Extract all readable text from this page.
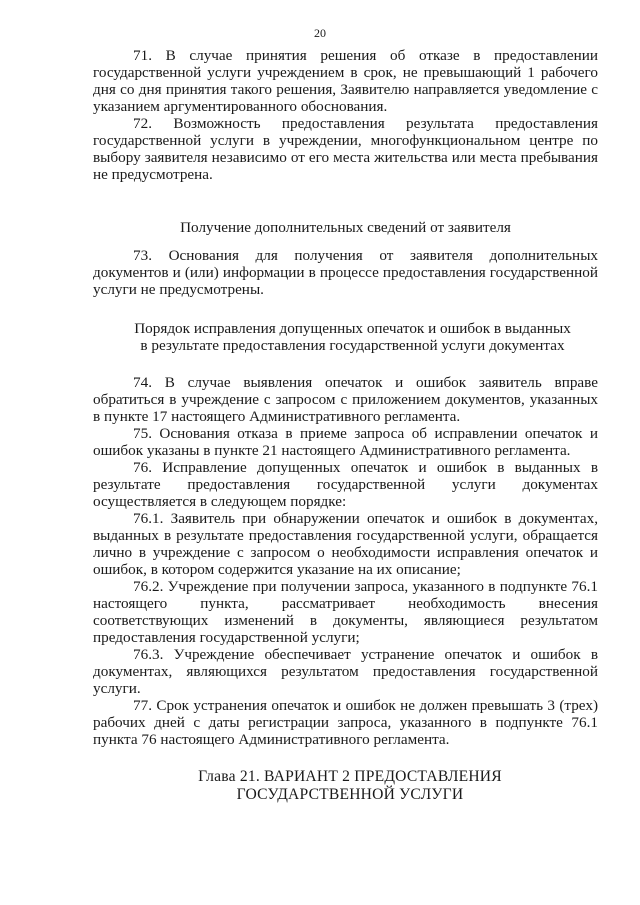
20

71. В случае принятия решения об отказе в предоставлении государственной услуги учреждением в срок, не превышающий 1 рабочего дня со дня принятия такого решения, Заявителю направляется уведомление с указанием аргументированного обоснования.

72. Возможность предоставления результата предоставления государственной услуги в учреждении, многофункциональном центре по выбору заявителя независимо от его места жительства или места пребывания не предусмотрена.

Получение дополнительных сведений от заявителя

73. Основания для получения от заявителя дополнительных документов и (или) информации в процессе предоставления государственной услуги не предусмотрены.

Порядок исправления допущенных опечаток и ошибок в выданных в результате предоставления государственной услуги документах

74. В случае выявления опечаток и ошибок заявитель вправе обратиться в учреждение с запросом с приложением документов, указанных в пункте 17 настоящего Административного регламента.

75. Основания отказа в приеме запроса об исправлении опечаток и ошибок указаны в пункте 21 настоящего Административного регламента.

76. Исправление допущенных опечаток и ошибок в выданных в результате предоставления государственной услуги документах осуществляется в следующем порядке:

76.1. Заявитель при обнаружении опечаток и ошибок в документах, выданных в результате предоставления государственной услуги, обращается лично в учреждение с запросом о необходимости исправления опечаток и ошибок, в котором содержится указание на их описание;

76.2. Учреждение при получении запроса, указанного в подпункте 76.1 настоящего пункта, рассматривает необходимость внесения соответствующих изменений в документы, являющиеся результатом предоставления государственной услуги;

76.3. Учреждение обеспечивает устранение опечаток и ошибок в документах, являющихся результатом предоставления государственной услуги.

77. Срок устранения опечаток и ошибок не должен превышать 3 (трех) рабочих дней с даты регистрации запроса, указанного в подпункте 76.1 пункта 76 настоящего Административного регламента.

Глава 21. ВАРИАНТ 2 ПРЕДОСТАВЛЕНИЯ
ГОСУДАРСТВЕННОЙ УСЛУГИ
